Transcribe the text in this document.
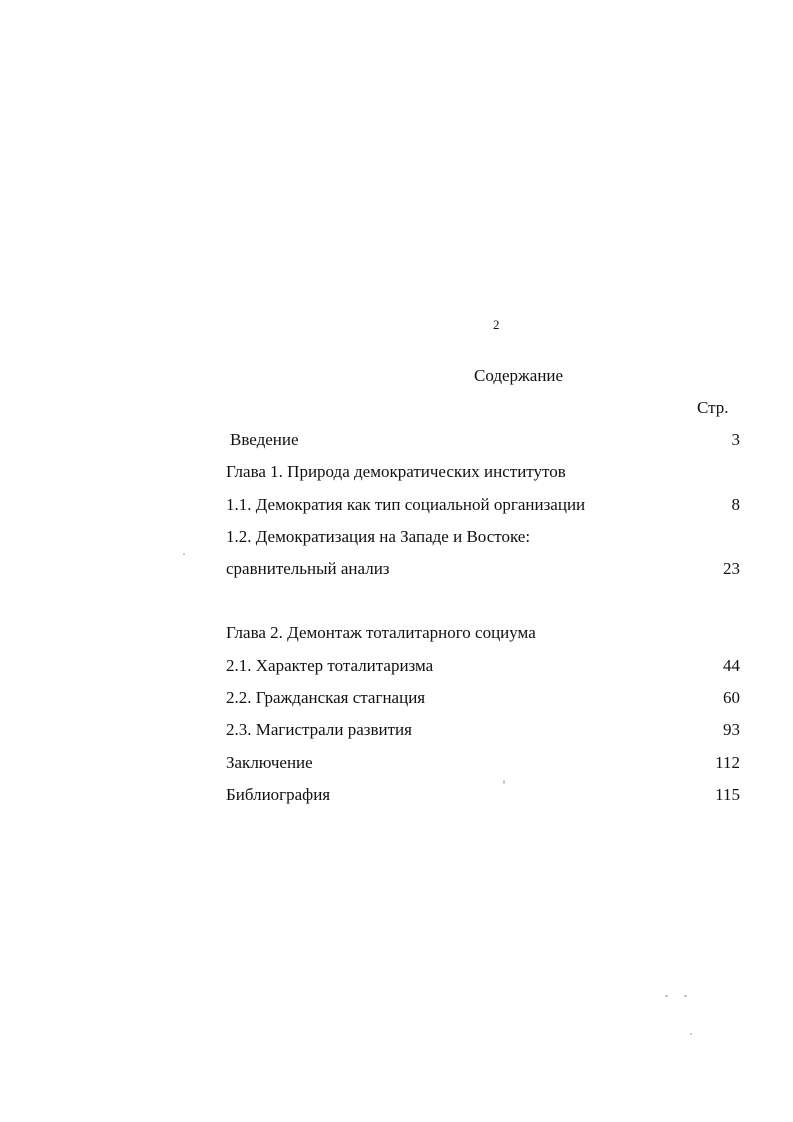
2
Содержание
Стр.
Введение	3
Глава 1. Природа демократических институтов
1.1. Демократия как тип социальной организации	8
1.2. Демократизация на Западе и Востоке:
сравнительный анализ	23
Глава 2. Демонтаж тоталитарного социума
2.1. Характер тоталитаризма	44
2.2. Гражданская стагнация	60
2.3. Магистрали развития	93
Заключение	112
Библиография	115
